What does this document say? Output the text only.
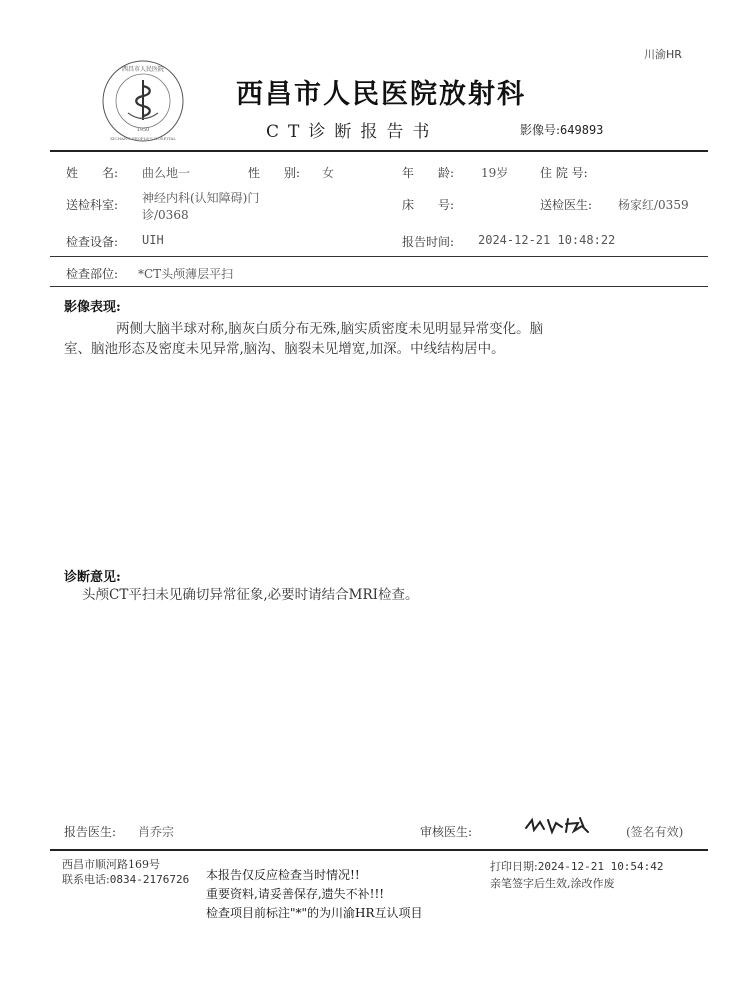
川渝HR
西昌市人民医院
1950
XICHANG PEOPLE'S HOSPITAL
西昌市人民医院放射科
CT诊断报告书	影像号:649893
姓　　名: 曲么地一	性　　别: 女	年　　龄: 19岁	住 院 号:
送检科室: 神经内科(认知障碍)门
诊/0368
床　　号:	送检医生: 杨家红/0359
检查设备: UIH	报告时间: 2024-12-21 10:48:22
检查部位: *CT头颅薄层平扫
影像表现:
两侧大脑半球对称,脑灰白质分布无殊,脑实质密度未见明显异常变化。脑
室、脑池形态及密度未见异常,脑沟、脑裂未见增宽,加深。中线结构居中。
诊断意见:
头颅CT平扫未见确切异常征象,必要时请结合MRI检查。
报告医生: 肖乔宗	审核医生:	(签名有效)
西昌市顺河路169号
联系电话:0834-2176726 本报告仅反应检查当时情况!!
重要资料,请妥善保存,遗失不补!!!
检查项目前标注"*"的为川渝HR互认项目
打印日期:2024-12-21 10:54:42
亲笔签字后生效,涂改作废
